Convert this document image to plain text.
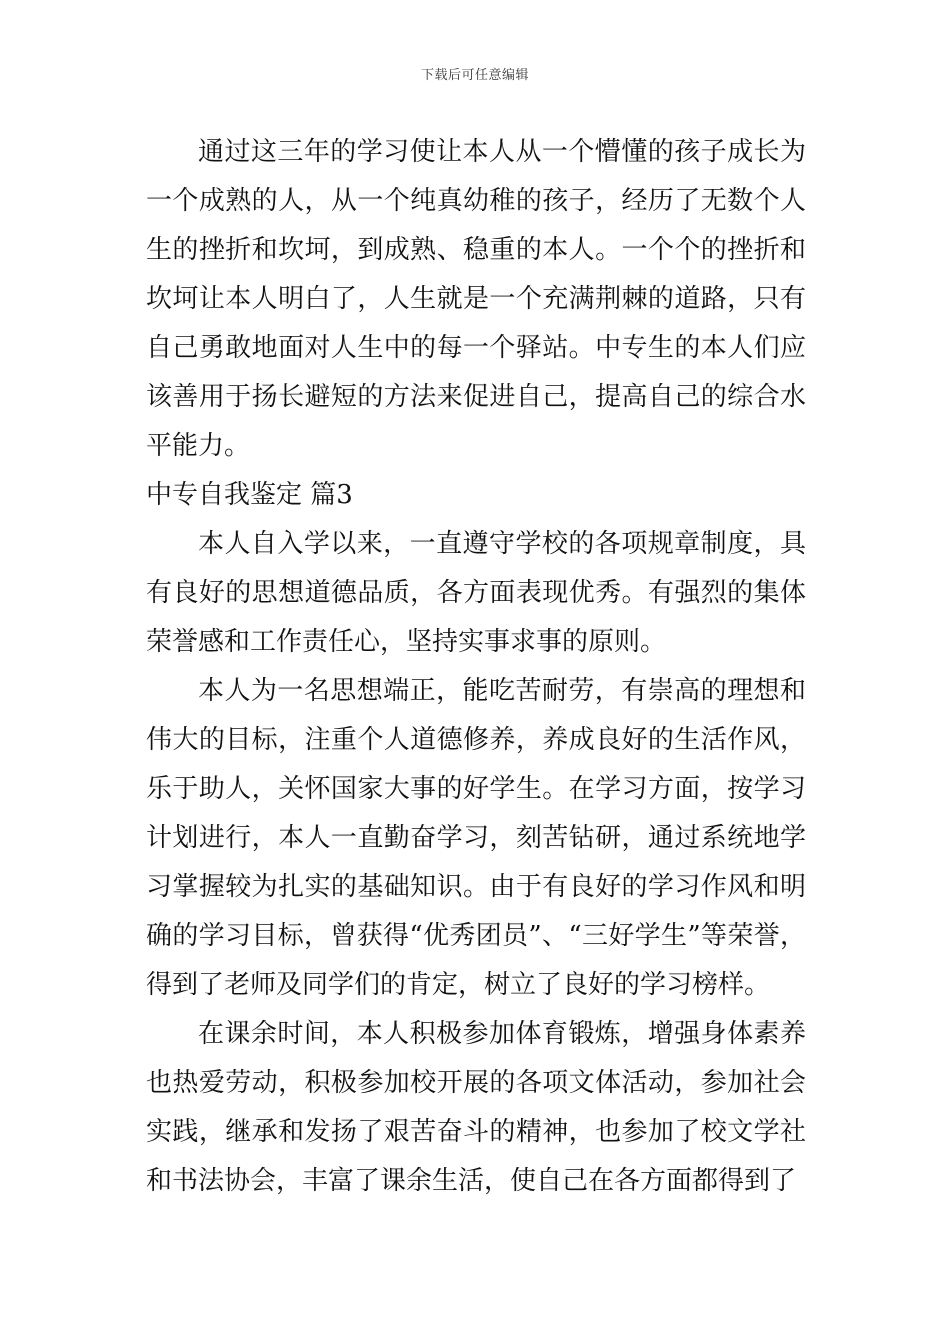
下载后可任意编辑

通过这三年的学习使让本人从一个懵懂的孩子成长为一个成熟的人，从一个纯真幼稚的孩子，经历了无数个人生的挫折和坎坷，到成熟、稳重的本人。一个个的挫折和坎坷让本人明白了，人生就是一个充满荆棘的道路，只有自己勇敢地面对人生中的每一个驿站。中专生的本人们应该善用于扬长避短的方法来促进自己，提高自己的综合水平能力。

中专自我鉴定 篇3

本人自入学以来，一直遵守学校的各项规章制度，具有良好的思想道德品质，各方面表现优秀。有强烈的集体荣誉感和工作责任心，坚持实事求事的原则。

本人为一名思想端正，能吃苦耐劳，有崇高的理想和伟大的目标，注重个人道德修养，养成良好的生活作风，乐于助人，关怀国家大事的好学生。在学习方面，按学习计划进行，本人一直勤奋学习，刻苦钻研，通过系统地学习掌握较为扎实的基础知识。由于有良好的学习作风和明确的学习目标，曾获得“优秀团员”、“三好学生”等荣誉，得到了老师及同学们的肯定，树立了良好的学习榜样。

在课余时间，本人积极参加体育锻炼，增强身体素养也热爱劳动，积极参加校开展的各项文体活动，参加社会实践，继承和发扬了艰苦奋斗的精神，也参加了校文学社和书法协会，丰富了课余生活，使自己在各方面都得到了
